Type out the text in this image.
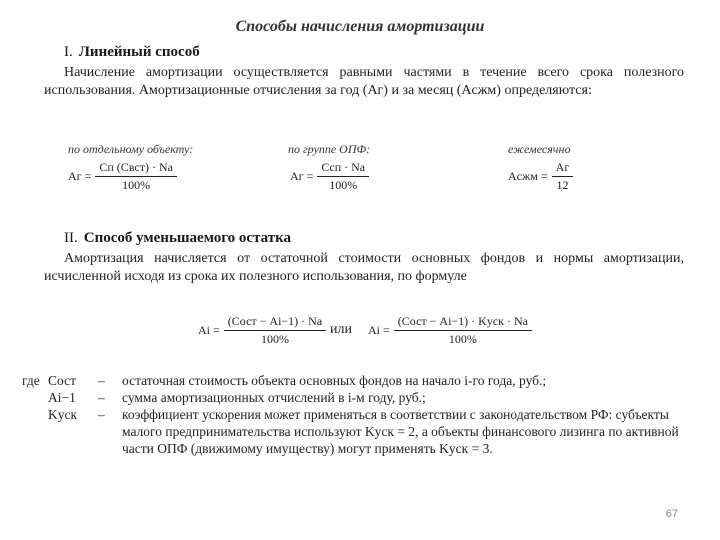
Способы начисления амортизации
I. Линейный способ
Начисление амортизации осуществляется равными частями в течение всего срока полезного использования. Амортизационные отчисления за год (Aг) и за месяц (Aсжм) определяются:
по отдельному объекту:	по группе ОПФ:	ежемесячно
Aг = $\frac{\text{Cп (Cвст) · Nа}}{100\%}$	Aг = $\frac{\text{Cсп · Nа}}{100\%}$	Aсжм = $\frac{Aг}{12}$
II. Способ уменьшаемого остатка
Амортизация начисляется от остаточной стоимости основных фондов и нормы амортизации, исчисленной исходя из срока их полезного использования, по формуле
$Ai = \frac{\text{(Cост − Ai−1) · Nа}}{100\%}$ или $Ai = \frac{\text{(Cост − Ai−1) · Kуск · Nа}}{100\%}$
где Cост	–	остаточная стоимость объекта основных фондов на начало i-го года, руб.;
Ai−1	–	сумма амортизационных отчислений в i-м году, руб.;
Kуск	–	коэффициент ускорения может применяться в соответствии с законодательством РФ: субъекты малого предпринимательства используют Kуск = 2, а объекты финансового лизинга по активной части ОПФ (движимому имуществу) могут применять Kуск = 3.
67
